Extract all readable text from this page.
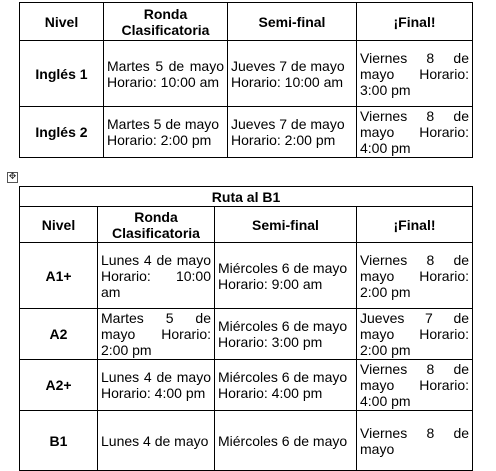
Nivel	Ronda Clasificatoria	Semi-final	¡Final!
Inglés 1	Martes 5 de mayo Horario: 10:00 am	Jueves 7 de mayo Horario: 10:00 am	Viernes 8 de mayo Horario: 3:00 pm
Inglés 2	Martes 5 de mayo Horario: 2:00 pm	Jueves 7 de mayo Horario: 2:00 pm	Viernes 8 de mayo Horario: 4:00 pm
✥
Ruta al B1			
Nivel	Ronda Clasificatoria	Semi-final	¡Final!
A1+	Lunes 4 de mayo Horario: 10:00 am	Miércoles 6 de mayo Horario: 9:00 am	Viernes 8 de mayo Horario: 2:00 pm
A2	Martes 5 de mayo Horario: 2:00 pm	Miércoles 6 de mayo Horario: 3:00 pm	Jueves 7 de mayo Horario: 2:00 pm
A2+	Lunes 4 de mayo Horario: 4:00 pm	Miércoles 6 de mayo Horario: 4:00 pm	Viernes 8 de mayo Horario: 4:00 pm
B1	Lunes 4 de mayo	Miércoles 6 de mayo	Viernes 8 de mayo
